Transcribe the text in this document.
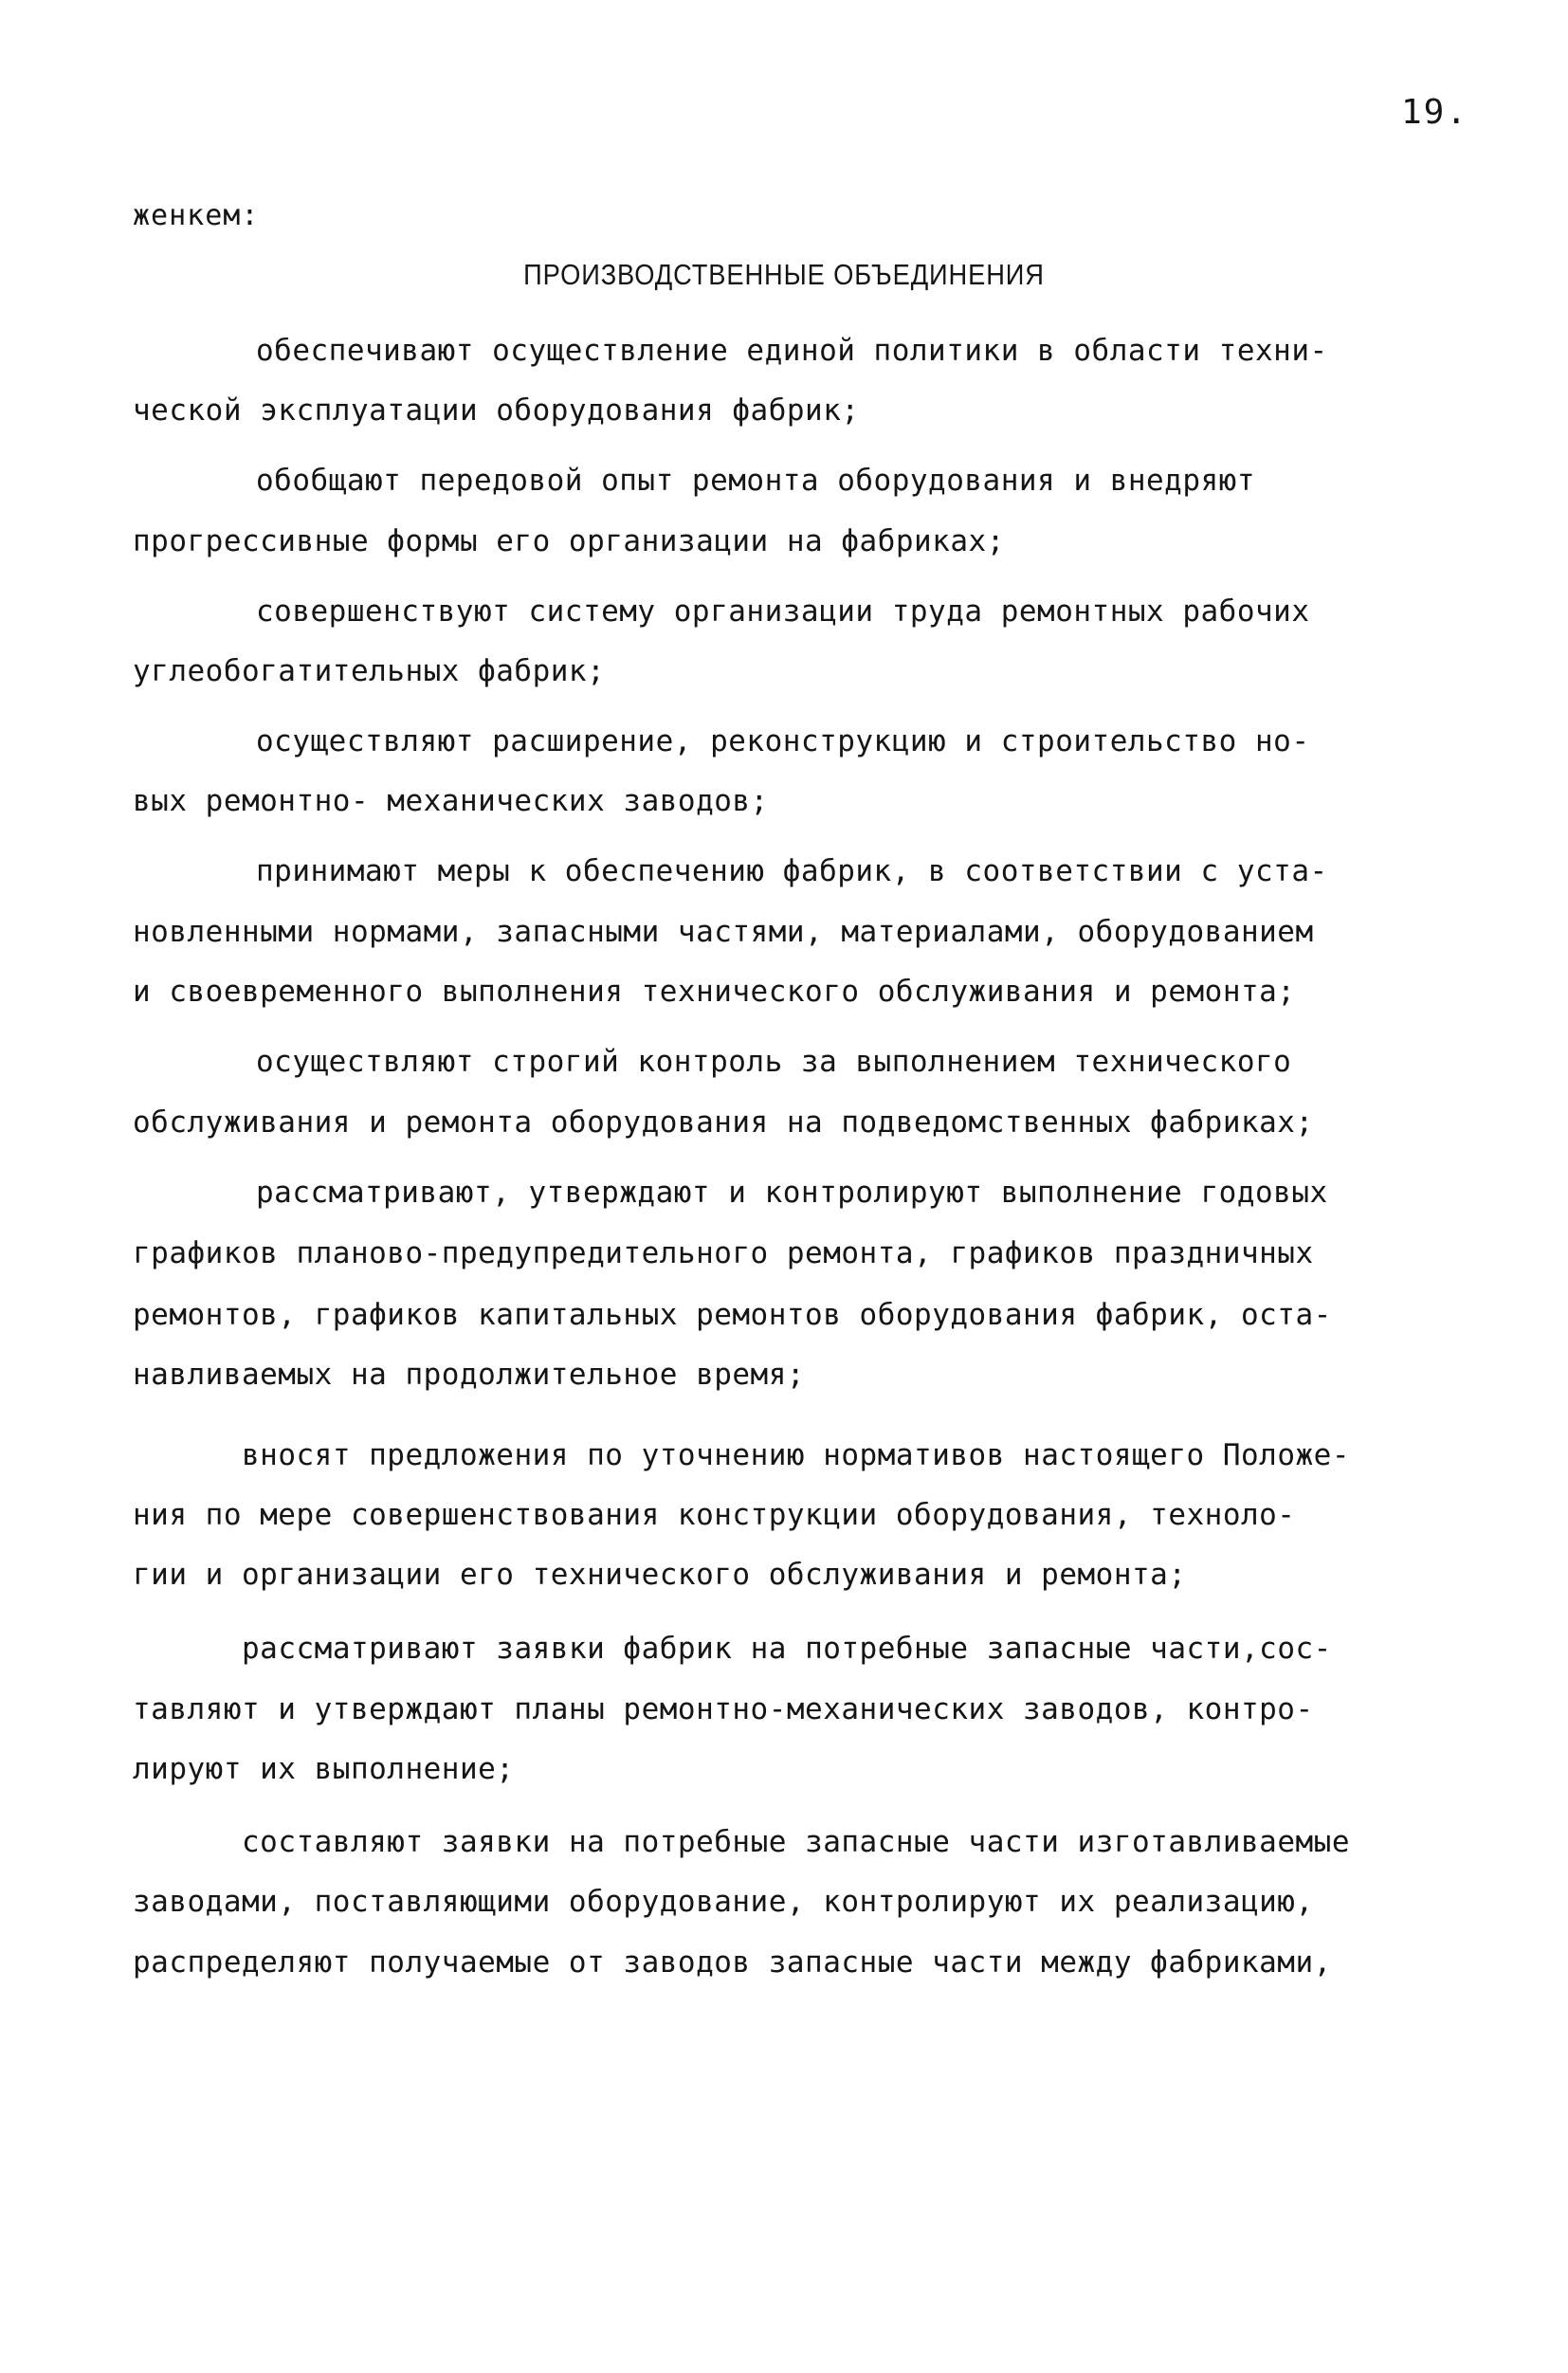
19.
женкем:
ПРОИЗВОДСТВЕННЫЕ ОБЪЕДИНЕНИЯ
обеспечивают осуществление единой политики в области техни-
ческой эксплуатации оборудования фабрик;
обобщают передовой опыт ремонта оборудования и внедряют
прогрессивные формы его организации на фабриках;
совершенствуют систему организации труда ремонтных рабочих
углеобогатительных фабрик;
осуществляют расширение, реконструкцию и строительство но-
вых ремонтно- механических заводов;
принимают меры к обеспечению фабрик, в соответствии с уста-
новленными нормами, запасными частями, материалами, оборудованием
и своевременного выполнения технического обслуживания и ремонта;
осуществляют строгий контроль за выполнением технического
обслуживания и ремонта оборудования на подведомственных фабриках;
рассматривают, утверждают и контролируют выполнение годовых
графиков планово-предупредительного ремонта, графиков праздничных
ремонтов, графиков капитальных ремонтов оборудования фабрик, оста-
навливаемых на продолжительное время;
вносят предложения по уточнению нормативов настоящего Положе-
ния по мере совершенствования конструкции оборудования, техноло-
гии и организации его технического обслуживания и ремонта;
рассматривают заявки фабрик на потребные запасные части,сос-
тавляют и утверждают планы ремонтно-механических заводов, контро-
лируют их выполнение;
составляют заявки на потребные запасные части изготавливаемые
заводами, поставляющими оборудование, контролируют их реализацию,
распределяют получаемые от заводов запасные части между фабриками,
